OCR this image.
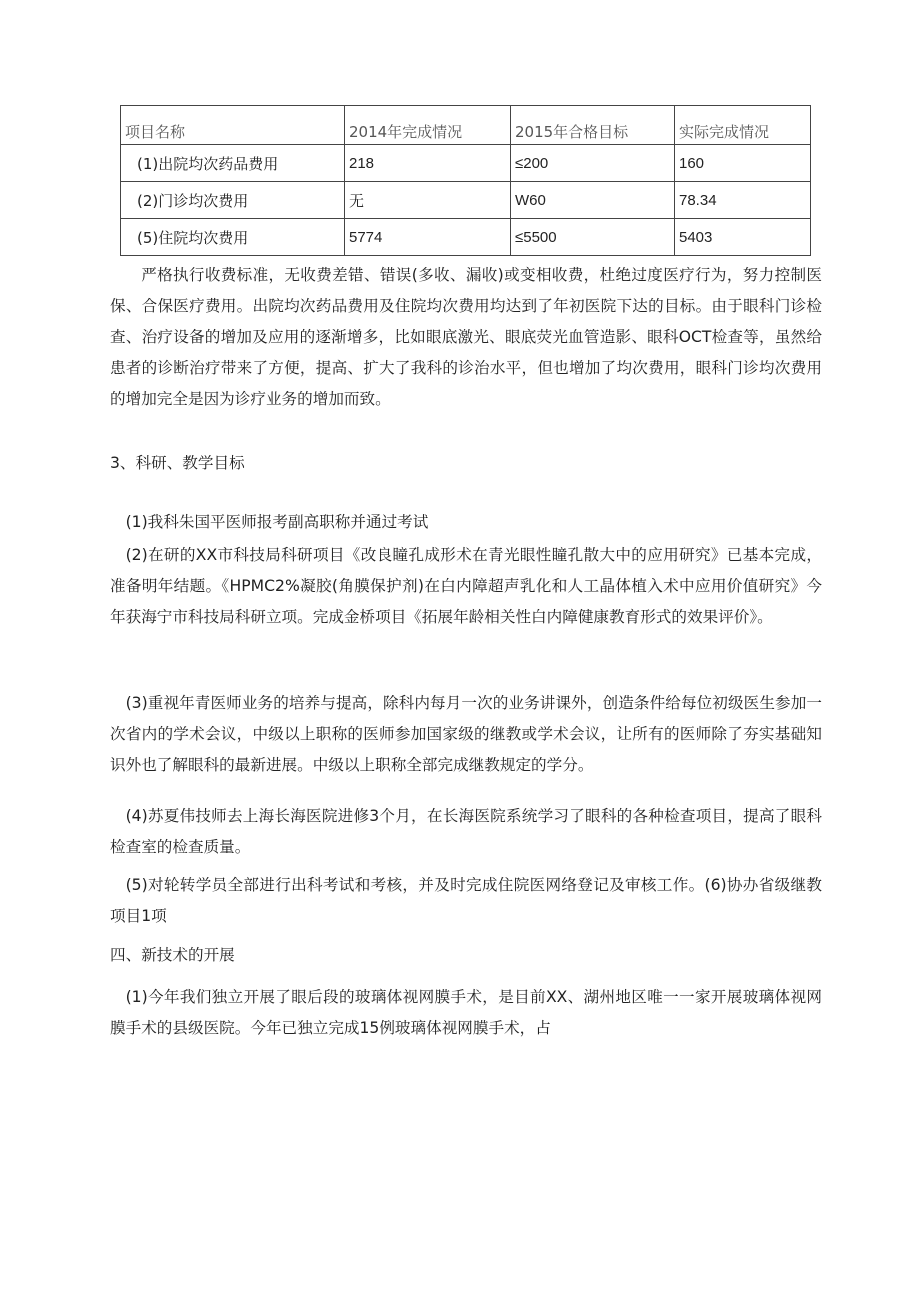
项目名称	2014年完成情况	2015年合格目标	实际完成情况
(1)出院均次药品费用	218	≤200	160
(2)门诊均次费用	无	W60	78.34
(5)住院均次费用	5774	≤5500	5403

严格执行收费标准，无收费差错、错误(多收、漏收)或变相收费，杜绝过度医疗行为，努力控制医保、合保医疗费用。出院均次药品费用及住院均次费用均达到了年初医院下达的目标。由于眼科门诊检查、治疗设备的增加及应用的逐渐增多，比如眼底激光、眼底荧光血管造影、眼科OCT检查等，虽然给患者的诊断治疗带来了方便，提高、扩大了我科的诊治水平，但也增加了均次费用，眼科门诊均次费用的增加完全是因为诊疗业务的增加而致。

3、科研、教学目标

(1)我科朱国平医师报考副高职称并通过考试

(2)在研的XX市科技局科研项目《改良瞳孔成形术在青光眼性瞳孔散大中的应用研究》已基本完成，准备明年结题。《HPMC2%凝胶(角膜保护剂)在白内障超声乳化和人工晶体植入术中应用价值研究》今年获海宁市科技局科研立项。完成金桥项目《拓展年龄相关性白内障健康教育形式的效果评价》。

(3)重视年青医师业务的培养与提高，除科内每月一次的业务讲课外，创造条件给每位初级医生参加一次省内的学术会议，中级以上职称的医师参加国家级的继教或学术会议，让所有的医师除了夯实基础知识外也了解眼科的最新进展。中级以上职称全部完成继教规定的学分。

(4)苏夏伟技师去上海长海医院进修3个月，在长海医院系统学习了眼科的各种检查项目，提高了眼科检查室的检查质量。

(5)对轮转学员全部进行出科考试和考核，并及时完成住院医网络登记及审核工作。(6)协办省级继教项目1项

四、新技术的开展

(1)今年我们独立开展了眼后段的玻璃体视网膜手术，是目前XX、湖州地区唯一一家开展玻璃体视网膜手术的县级医院。今年已独立完成15例玻璃体视网膜手术，占
